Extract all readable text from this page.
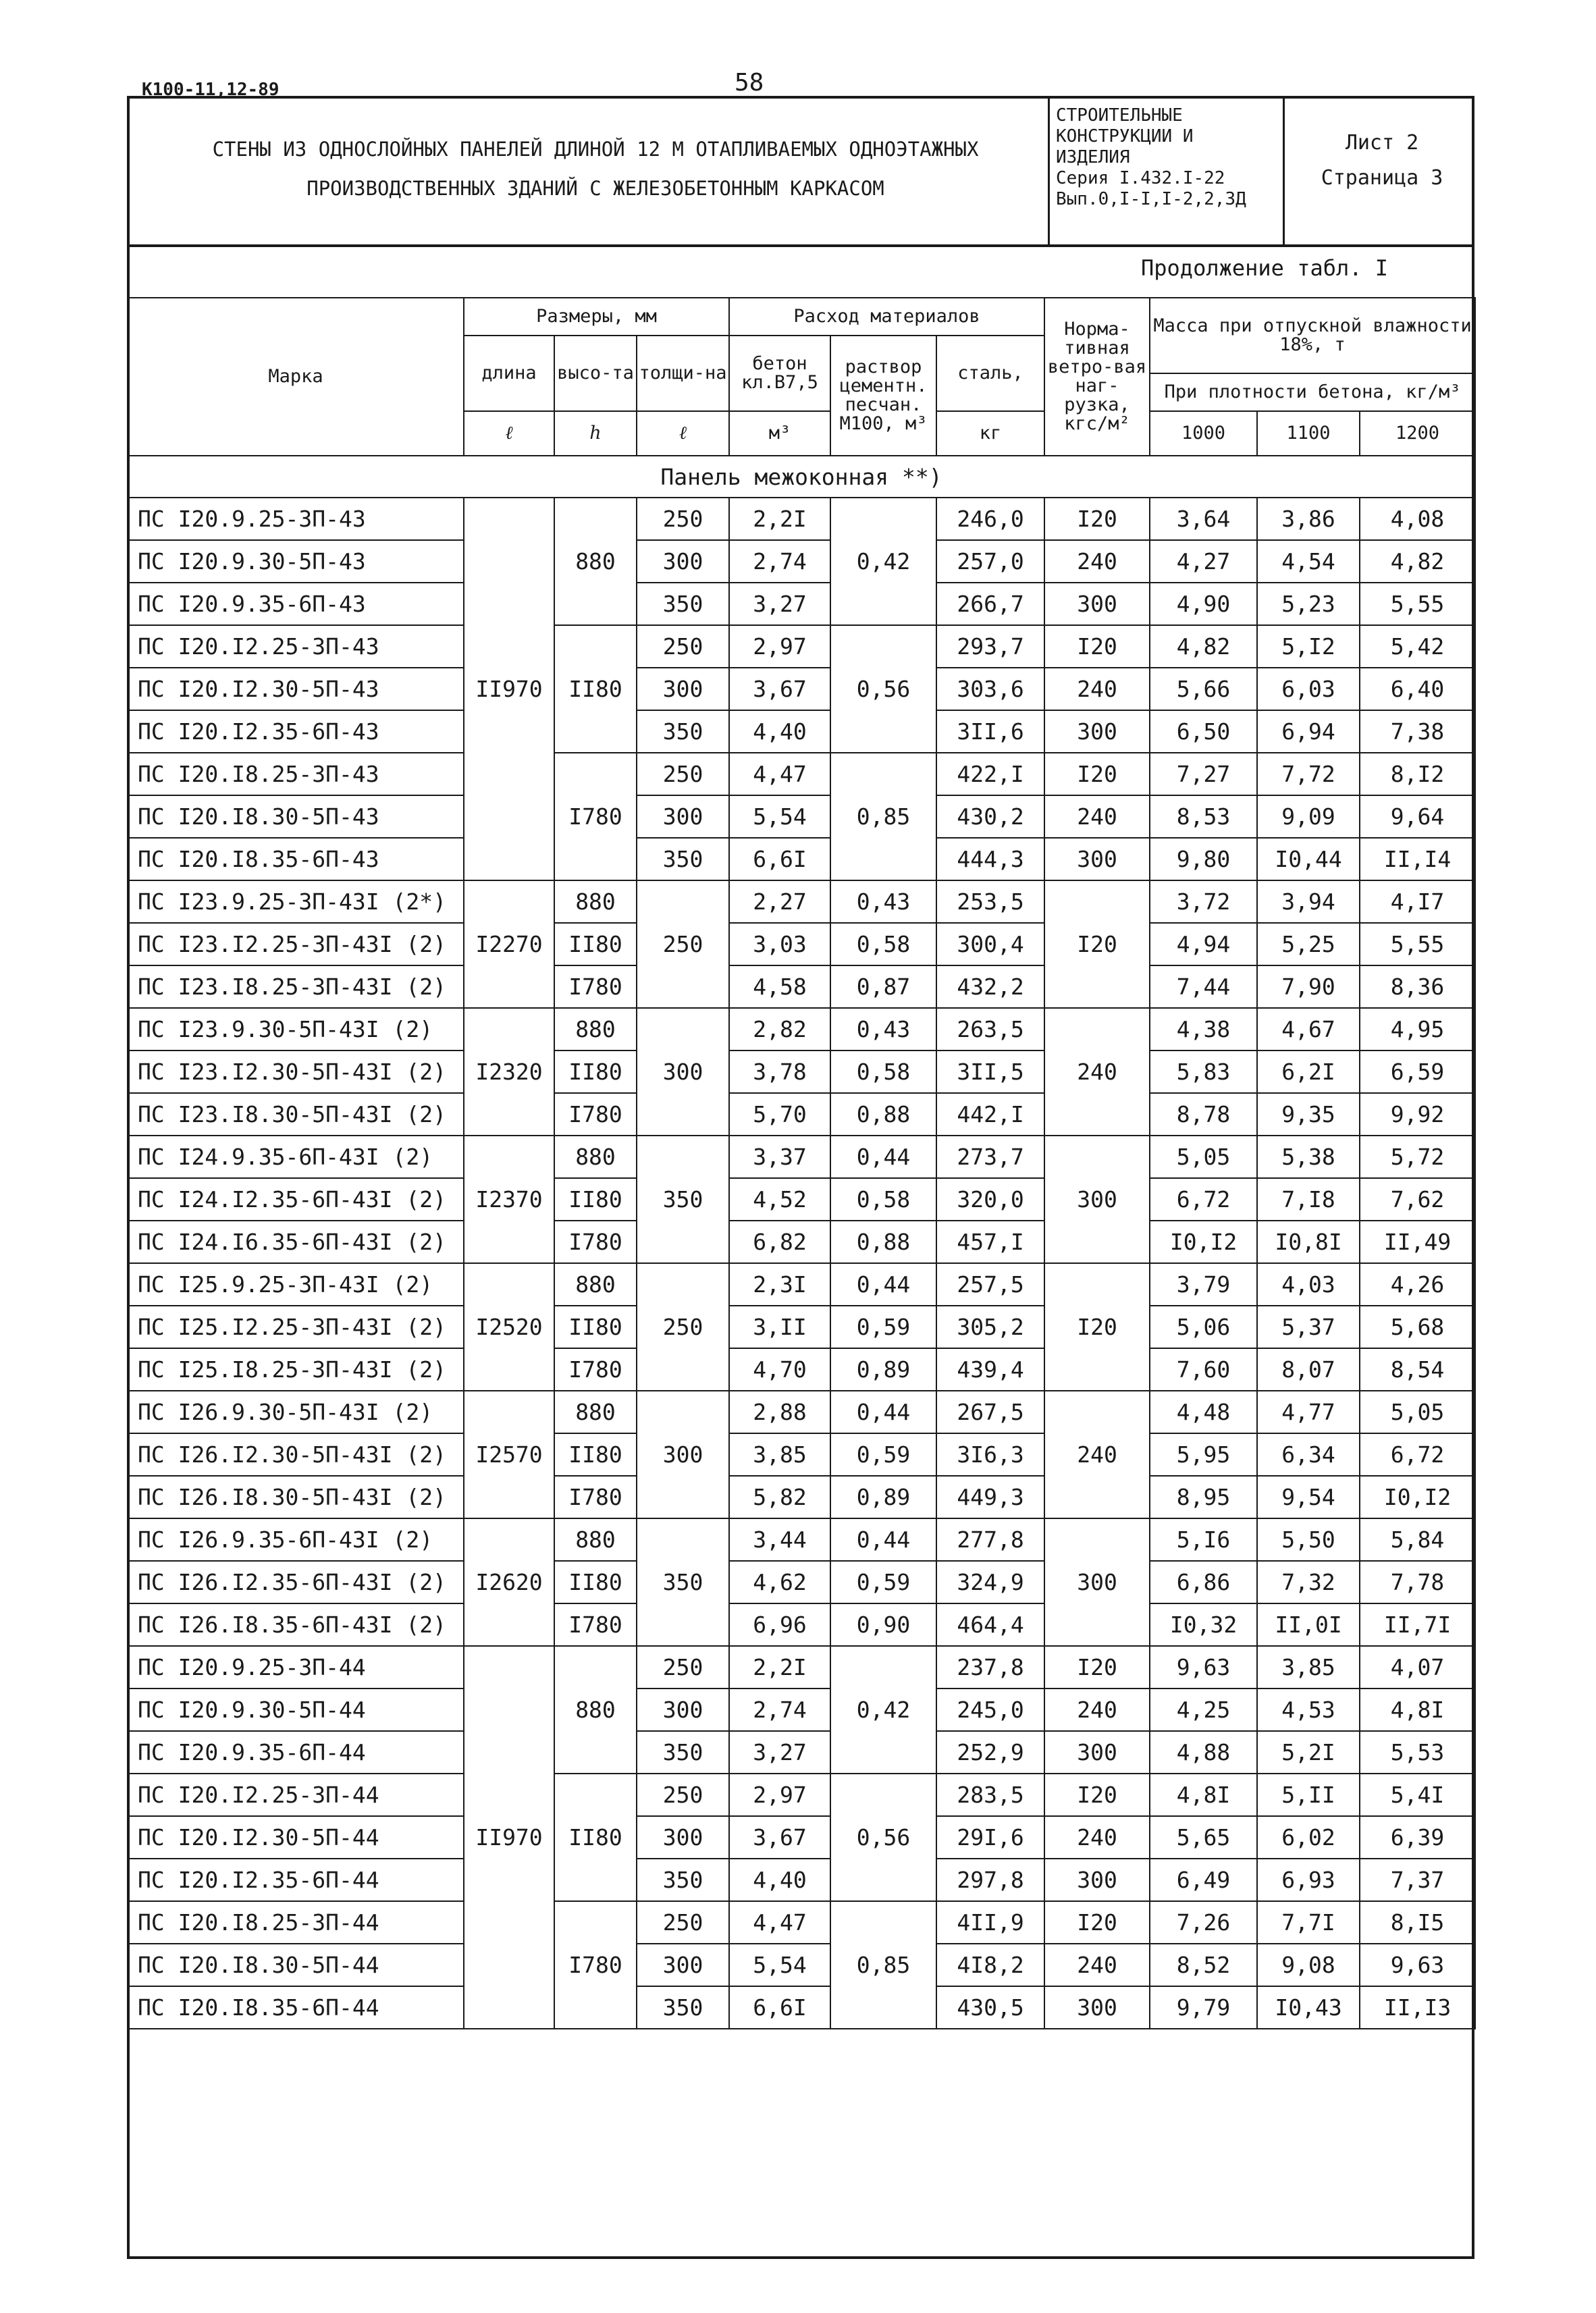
К100-11,12-89	58
СТЕНЫ ИЗ ОДНОСЛОЙНЫХ ПАНЕЛЕЙ ДЛИНОЙ 12 М ОТАПЛИВАЕМЫХ ОДНОЭТАЖНЫХ
ПРОИЗВОДСТВЕННЫХ ЗДАНИЙ С ЖЕЛЕЗОБЕТОННЫМ КАРКАСОМ
СТРОИТЕЛЬНЫЕ
КОНСТРУКЦИИ И
ИЗДЕЛИЯ
Серия I.432.I-22
Вып.0,I-I,I-2,2,3Д
Лист 2
Страница 3
Продолжение табл. I
Марка	Размеры, мм			Расход материалов			Норма-тивная ветро-вая наг-рузка, кгс/м²	Масса при отпускной влажности 18%, т		
	длина	высо-та	толщи-на	бетон кл.В7,5	раствор цементн. песчан. М100, м³	сталь,				
								При плотности бетона, кг/м³		
	ℓ	h	ℓ	м³		кг		1000	1100	1200
Панель межоконная **)										
ПС I20.9.25-3П-43	II970	880	250	2,2I	0,42	246,0	I20	3,64	3,86	4,08
ПС I20.9.30-5П-43			300	2,74		257,0	240	4,27	4,54	4,82
ПС I20.9.35-6П-43			350	3,27		266,7	300	4,90	5,23	5,55
ПС I20.I2.25-3П-43		II80	250	2,97	0,56	293,7	I20	4,82	5,I2	5,42
ПС I20.I2.30-5П-43			300	3,67		303,6	240	5,66	6,03	6,40
ПС I20.I2.35-6П-43			350	4,40		3II,6	300	6,50	6,94	7,38
ПС I20.I8.25-3П-43		I780	250	4,47	0,85	422,I	I20	7,27	7,72	8,I2
ПС I20.I8.30-5П-43			300	5,54		430,2	240	8,53	9,09	9,64
ПС I20.I8.35-6П-43			350	6,6I		444,3	300	9,80	I0,44	II,I4
ПС I23.9.25-3П-43I (2*)	I2270	880	250	2,27	0,43	253,5	I20	3,72	3,94	4,I7
ПС I23.I2.25-3П-43I (2)		II80		3,03	0,58	300,4		4,94	5,25	5,55
ПС I23.I8.25-3П-43I (2)		I780		4,58	0,87	432,2		7,44	7,90	8,36
ПС I23.9.30-5П-43I (2)	I2320	880	300	2,82	0,43	263,5	240	4,38	4,67	4,95
ПС I23.I2.30-5П-43I (2)		II80		3,78	0,58	3II,5		5,83	6,2I	6,59
ПС I23.I8.30-5П-43I (2)		I780		5,70	0,88	442,I		8,78	9,35	9,92
ПС I24.9.35-6П-43I (2)	I2370	880	350	3,37	0,44	273,7	300	5,05	5,38	5,72
ПС I24.I2.35-6П-43I (2)		II80		4,52	0,58	320,0		6,72	7,I8	7,62
ПС I24.I6.35-6П-43I (2)		I780		6,82	0,88	457,I		I0,I2	I0,8I	II,49
ПС I25.9.25-3П-43I (2)	I2520	880	250	2,3I	0,44	257,5	I20	3,79	4,03	4,26
ПС I25.I2.25-3П-43I (2)		II80		3,II	0,59	305,2		5,06	5,37	5,68
ПС I25.I8.25-3П-43I (2)		I780		4,70	0,89	439,4		7,60	8,07	8,54
ПС I26.9.30-5П-43I (2)	I2570	880	300	2,88	0,44	267,5	240	4,48	4,77	5,05
ПС I26.I2.30-5П-43I (2)		II80		3,85	0,59	3I6,3		5,95	6,34	6,72
ПС I26.I8.30-5П-43I (2)		I780		5,82	0,89	449,3		8,95	9,54	I0,I2
ПС I26.9.35-6П-43I (2)	I2620	880	350	3,44	0,44	277,8	300	5,I6	5,50	5,84
ПС I26.I2.35-6П-43I (2)		II80		4,62	0,59	324,9		6,86	7,32	7,78
ПС I26.I8.35-6П-43I (2)		I780		6,96	0,90	464,4		I0,32	II,0I	II,7I
ПС I20.9.25-3П-44	II970	880	250	2,2I	0,42	237,8	I20	9,63	3,85	4,07
ПС I20.9.30-5П-44			300	2,74		245,0	240	4,25	4,53	4,8I
ПС I20.9.35-6П-44			350	3,27		252,9	300	4,88	5,2I	5,53
ПС I20.I2.25-3П-44		II80	250	2,97	0,56	283,5	I20	4,8I	5,II	5,4I
ПС I20.I2.30-5П-44			300	3,67		29I,6	240	5,65	6,02	6,39
ПС I20.I2.35-6П-44			350	4,40		297,8	300	6,49	6,93	7,37
ПС I20.I8.25-3П-44		I780	250	4,47	0,85	4II,9	I20	7,26	7,7I	8,I5
ПС I20.I8.30-5П-44			300	5,54		4I8,2	240	8,52	9,08	9,63
ПС I20.I8.35-6П-44			350	6,6I		430,5	300	9,79	I0,43	II,I3
